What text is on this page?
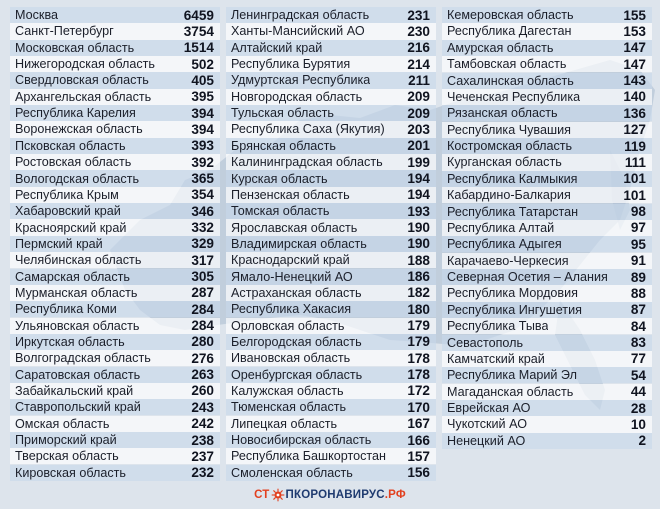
Москва	6459
Санкт-Петербург	3754
Московская область	1514
Нижегородская область	502
Свердловская область	405
Архангельская область	395
Республика Карелия	394
Воронежская область	394
Псковская область	393
Ростовская область	392
Вологодская область	365
Республика Крым	354
Хабаровский край	346
Красноярский край	332
Пермский край	329
Челябинская область	317
Самарская область	305
Мурманская область	287
Республика Коми	284
Ульяновская область	284
Иркутская область	280
Волгоградская область	276
Саратовская область	263
Забайкальский край	260
Ставропольский край	243
Омская область	242
Приморский край	238
Тверская область	237
Кировская область	232
Ленинградская область	231
Ханты-Мансийский АО	230
Алтайский край	216
Республика Бурятия	214
Удмуртская Республика	211
Новгородская область	209
Тульская область	209
Республика Саха (Якутия) 203
Брянская область	201
Калининградская область 199
Курская область	194
Пензенская область	194
Томская область	193
Ярославская область	190
Владимирская область	190
Краснодарский край	188
Ямало-Ненецкий АО	186
Астраханская область	182
Республика Хакасия	180
Орловская область	179
Белгородская область	179
Ивановская область	178
Оренбургская область	178
Калужская область	172
Тюменская область	170
Липецкая область	167
Новосибирская область	166
Республика Башкортостан 157
Смоленская область	156
Кемеровская область	155
Республика Дагестан	153
Амурская область	147
Тамбовская область	147
Сахалинская область	143
Чеченская Республика	140
Рязанская область	136
Республика Чувашия	127
Костромская область	119
Курганская область	111
Республика Калмыкия	101
Кабардино-Балкария	101
Республика Татарстан	98
Республика Алтай	97
Республика Адыгея	95
Карачаево-Черкесия	91
Северная Осетия – Алания 89
Республика Мордовия	88
Республика Ингушетия	87
Республика Тыва	84
Севастополь	83
Камчатский край	77
Республика Марий Эл	54
Магаданская область	44
Еврейская АО	28
Чукотский АО	10
Ненецкий АО	2
СТ ПКОРОНАВИРУС .РФ
